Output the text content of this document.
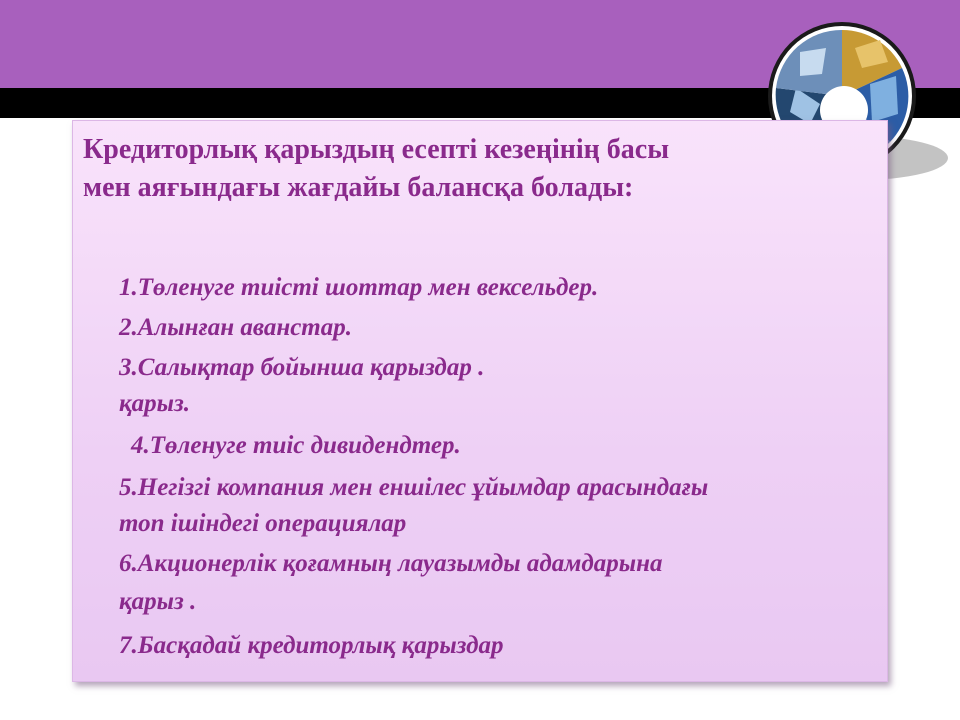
Кредиторлық қарыздың есепті кезеңінің басы
мен аяғындағы жағдайы балансқа болады:
1.Төленуге тиісті шоттар мен вексельдер.
2.Алынған аванстар.
3.Салықтар бойынша қарыздар .
қарыз.
4.Төленуге тиіс дивидендтер.
5.Негізгі компания мен еншілес ұйымдар арасындағы
топ ішіндегі операциялар
6.Акционерлік қоғамның лауазымды адамдарына
қарыз .
7.Басқадай кредиторлық қарыздар
